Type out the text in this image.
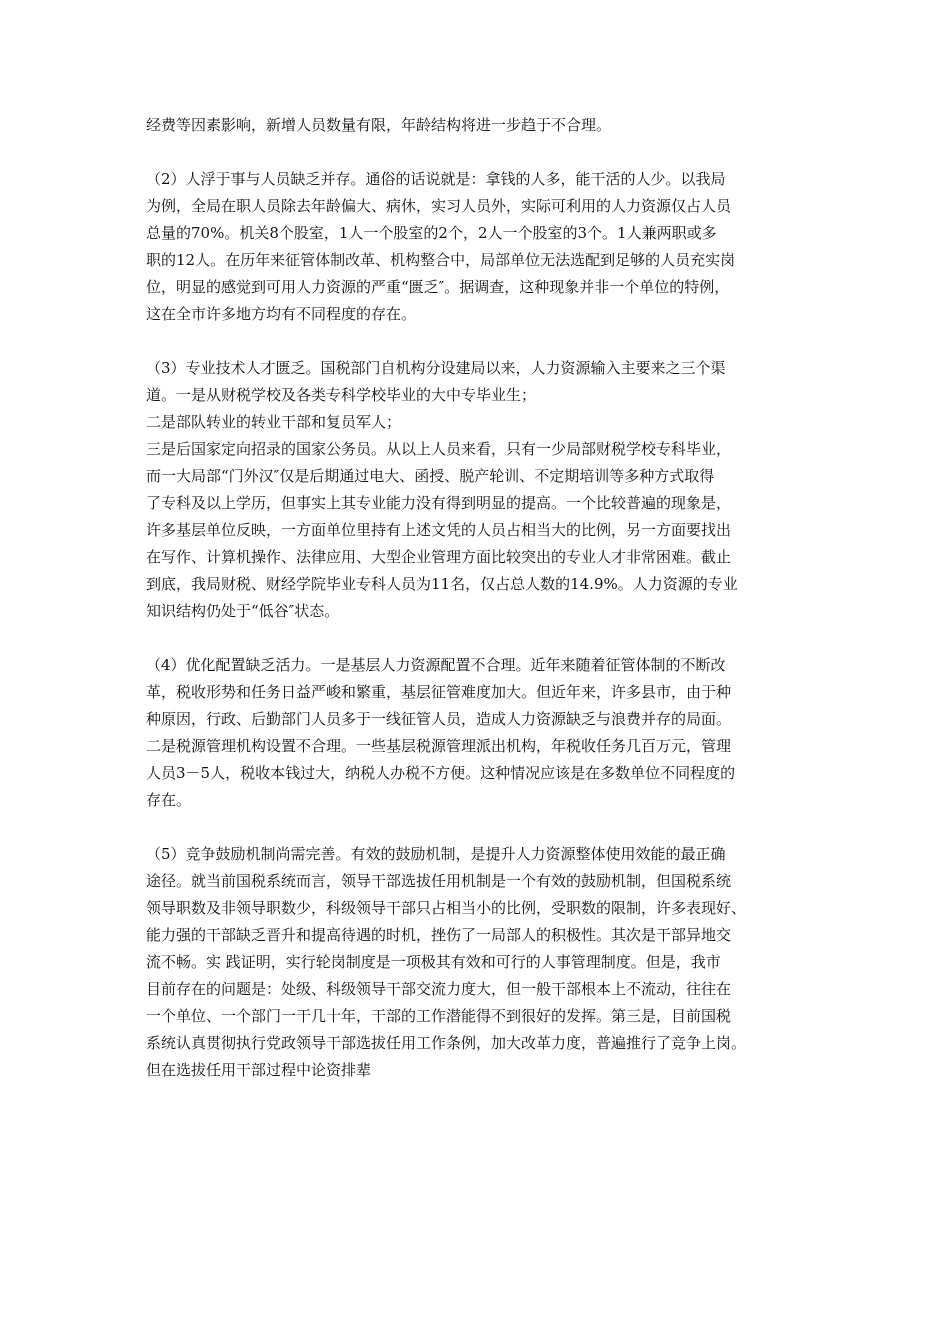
经费等因素影响，新增人员数量有限，年龄结构将进一步趋于不合理。

（2）人浮于事与人员缺乏并存。通俗的话说就是：拿钱的人多，能干活的人少。以我局
为例，全局在职人员除去年龄偏大、病休，实习人员外，实际可利用的人力资源仅占人员
总量的70%。机关8个股室，1人一个股室的2个，2人一个股室的3个。1人兼两职或多
职的12人。在历年来征管体制改革、机构整合中，局部单位无法选配到足够的人员充实岗
位，明显的感觉到可用人力资源的严重“匮乏″。据调查，这种现象并非一个单位的特例，
这在全市许多地方均有不同程度的存在。

（3）专业技术人才匮乏。国税部门自机构分设建局以来，人力资源输入主要来之三个渠
道。一是从财税学校及各类专科学校毕业的大中专毕业生；
二是部队转业的转业干部和复员军人；
三是后国家定向招录的国家公务员。从以上人员来看，只有一少局部财税学校专科毕业，
而一大局部“门外汉″仅是后期通过电大、函授、脱产轮训、不定期培训等多种方式取得
了专科及以上学历，但事实上其专业能力没有得到明显的提高。一个比较普遍的现象是，
许多基层单位反映，一方面单位里持有上述文凭的人员占相当大的比例，另一方面要找出
在写作、计算机操作、法律应用、大型企业管理方面比较突出的专业人才非常困难。截止
到底，我局财税、财经学院毕业专科人员为11名，仅占总人数的14.9%。人力资源的专业
知识结构仍处于“低谷″状态。

（4）优化配置缺乏活力。一是基层人力资源配置不合理。近年来随着征管体制的不断改
革，税收形势和任务日益严峻和繁重，基层征管难度加大。但近年来，许多县市，由于种
种原因，行政、后勤部门人员多于一线征管人员，造成人力资源缺乏与浪费并存的局面。
二是税源管理机构设置不合理。一些基层税源管理派出机构，年税收任务几百万元，管理
人员3－5人，税收本钱过大，纳税人办税不方便。这种情况应该是在多数单位不同程度的
存在。

（5）竞争鼓励机制尚需完善。有效的鼓励机制，是提升人力资源整体使用效能的最正确
途径。就当前国税系统而言，领导干部选拔任用机制是一个有效的鼓励机制，但国税系统
领导职数及非领导职数少，科级领导干部只占相当小的比例，受职数的限制，许多表现好、
能力强的干部缺乏晋升和提高待遇的时机，挫伤了一局部人的积极性。其次是干部异地交
流不畅。实 践证明，实行轮岗制度是一项极其有效和可行的人事管理制度。但是，我市
目前存在的问题是：处级、科级领导干部交流力度大，但一般干部根本上不流动，往往在
一个单位、一个部门一干几十年，干部的工作潜能得不到很好的发挥。第三是，目前国税
系统认真贯彻执行党政领导干部选拔任用工作条例，加大改革力度，普遍推行了竞争上岗。
但在选拔任用干部过程中论资排辈
